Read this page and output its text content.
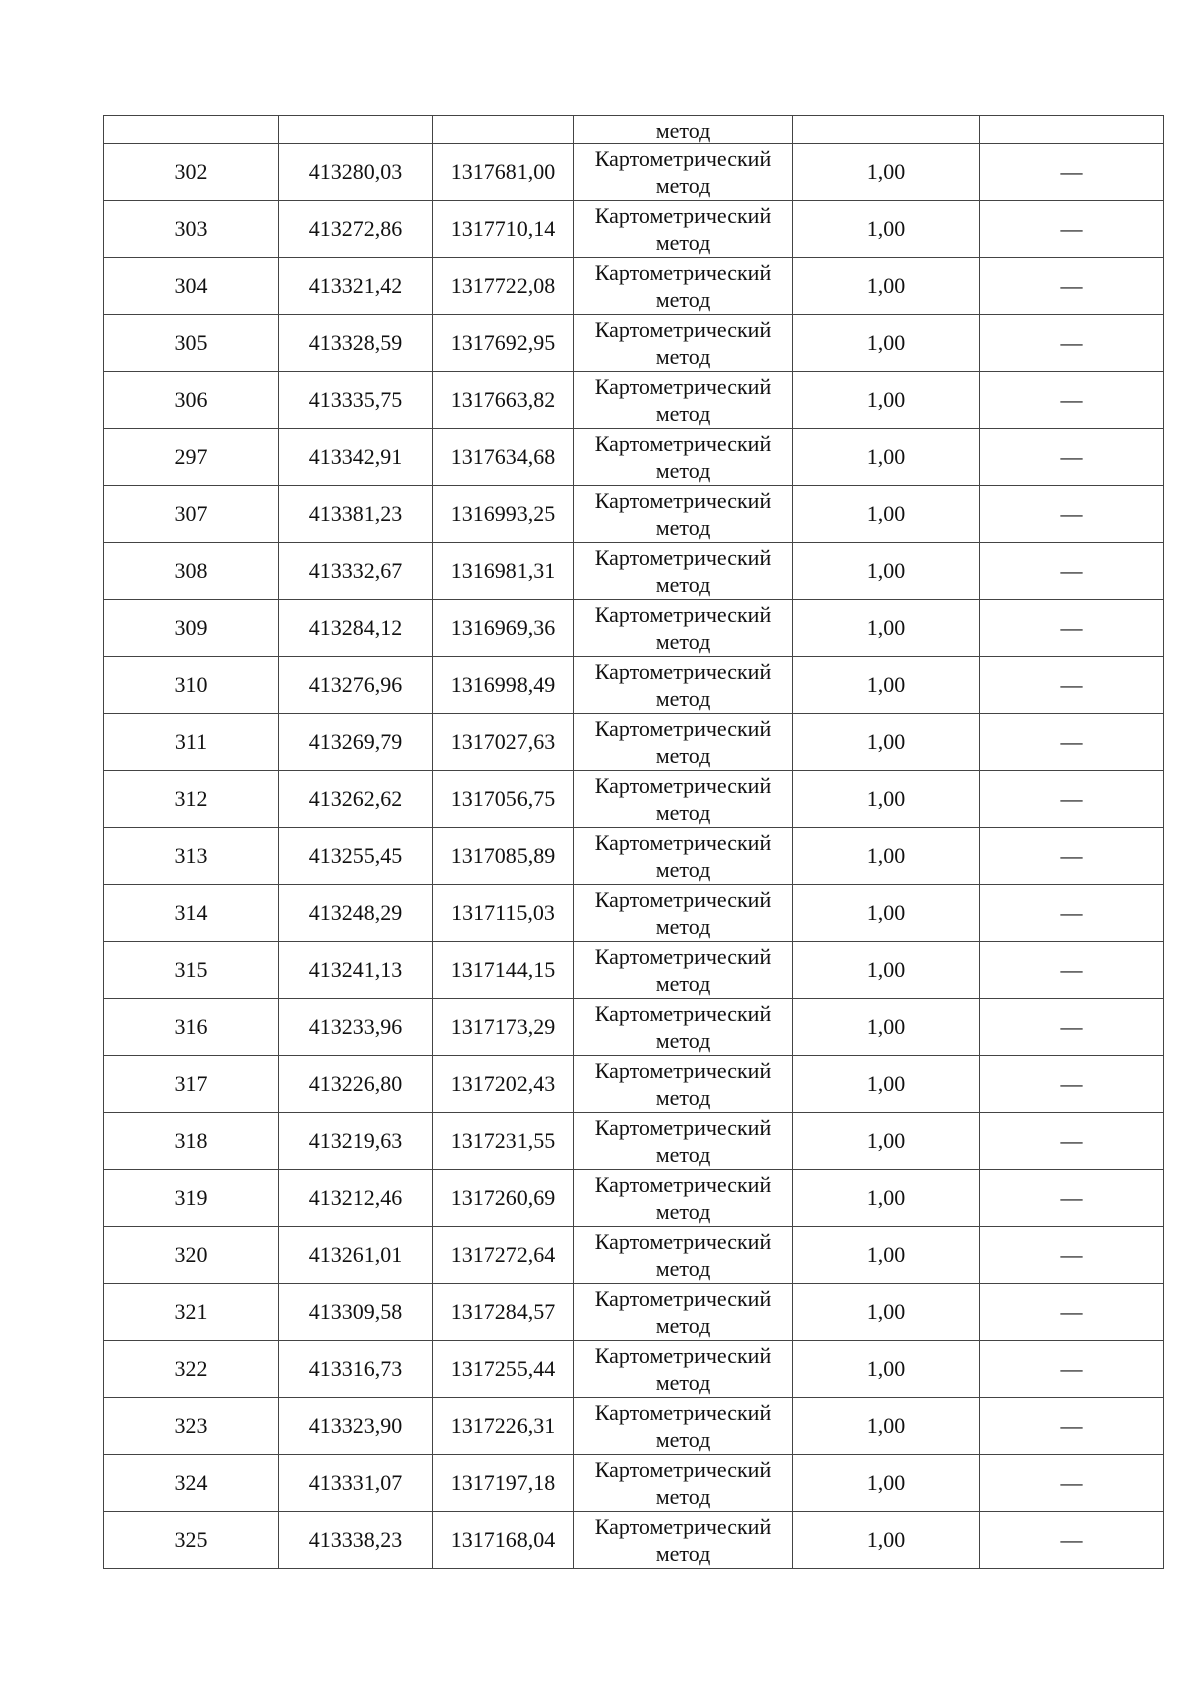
			метод		
302	413280,03	1317681,00	Картометрический
метод	1,00	—
303	413272,86	1317710,14	Картометрический
метод	1,00	—
304	413321,42	1317722,08	Картометрический
метод	1,00	—
305	413328,59	1317692,95	Картометрический
метод	1,00	—
306	413335,75	1317663,82	Картометрический
метод	1,00	—
297	413342,91	1317634,68	Картометрический
метод	1,00	—
307	413381,23	1316993,25	Картометрический
метод	1,00	—
308	413332,67	1316981,31	Картометрический
метод	1,00	—
309	413284,12	1316969,36	Картометрический
метод	1,00	—
310	413276,96	1316998,49	Картометрический
метод	1,00	—
311	413269,79	1317027,63	Картометрический
метод	1,00	—
312	413262,62	1317056,75	Картометрический
метод	1,00	—
313	413255,45	1317085,89	Картометрический
метод	1,00	—
314	413248,29	1317115,03	Картометрический
метод	1,00	—
315	413241,13	1317144,15	Картометрический
метод	1,00	—
316	413233,96	1317173,29	Картометрический
метод	1,00	—
317	413226,80	1317202,43	Картометрический
метод	1,00	—
318	413219,63	1317231,55	Картометрический
метод	1,00	—
319	413212,46	1317260,69	Картометрический
метод	1,00	—
320	413261,01	1317272,64	Картометрический
метод	1,00	—
321	413309,58	1317284,57	Картометрический
метод	1,00	—
322	413316,73	1317255,44	Картометрический
метод	1,00	—
323	413323,90	1317226,31	Картометрический
метод	1,00	—
324	413331,07	1317197,18	Картометрический
метод	1,00	—
325	413338,23	1317168,04	Картометрический
метод	1,00	—
